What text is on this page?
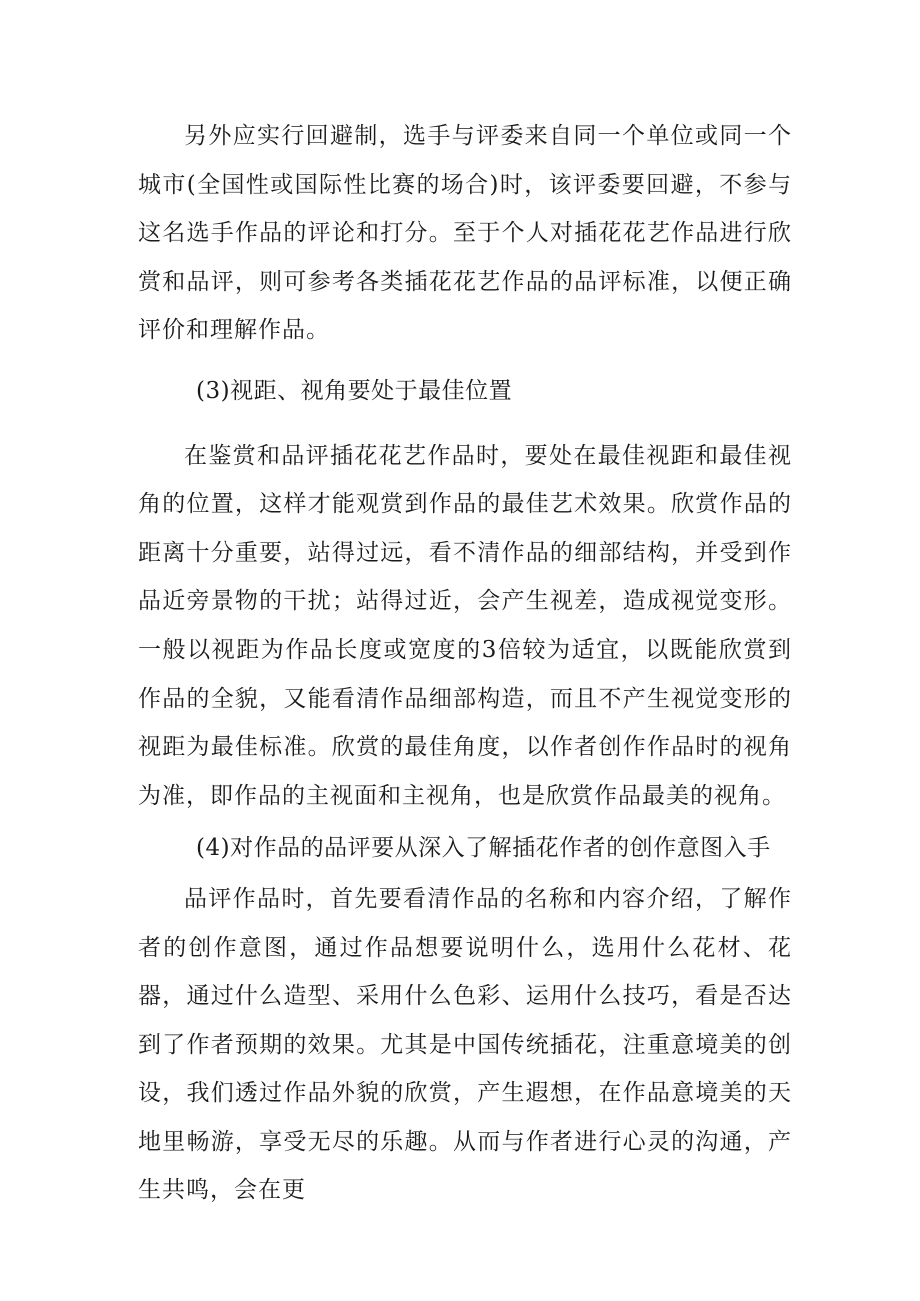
另外应实行回避制，选手与评委来自同一个单位或同一个城市(全国性或国际性比赛的场合)时，该评委要回避，不参与这名选手作品的评论和打分。至于个人对插花花艺作品进行欣赏和品评，则可参考各类插花花艺作品的品评标准，以便正确评价和理解作品。

(3)视距、视角要处于最佳位置

在鉴赏和品评插花花艺作品时，要处在最佳视距和最佳视角的位置，这样才能观赏到作品的最佳艺术效果。欣赏作品的距离十分重要，站得过远，看不清作品的细部结构，并受到作品近旁景物的干扰；站得过近，会产生视差，造成视觉变形。一般以视距为作品长度或宽度的3倍较为适宜，以既能欣赏到作品的全貌，又能看清作品细部构造，而且不产生视觉变形的视距为最佳标准。欣赏的最佳角度，以作者创作作品时的视角为准，即作品的主视面和主视角，也是欣赏作品最美的视角。

(4)对作品的品评要从深入了解插花作者的创作意图入手

品评作品时，首先要看清作品的名称和内容介绍，了解作者的创作意图，通过作品想要说明什么，选用什么花材、花器，通过什么造型、采用什么色彩、运用什么技巧，看是否达到了作者预期的效果。尤其是中国传统插花，注重意境美的创设，我们透过作品外貌的欣赏，产生遐想，在作品意境美的天地里畅游，享受无尽的乐趣。从而与作者进行心灵的沟通，产生共鸣，会在更
